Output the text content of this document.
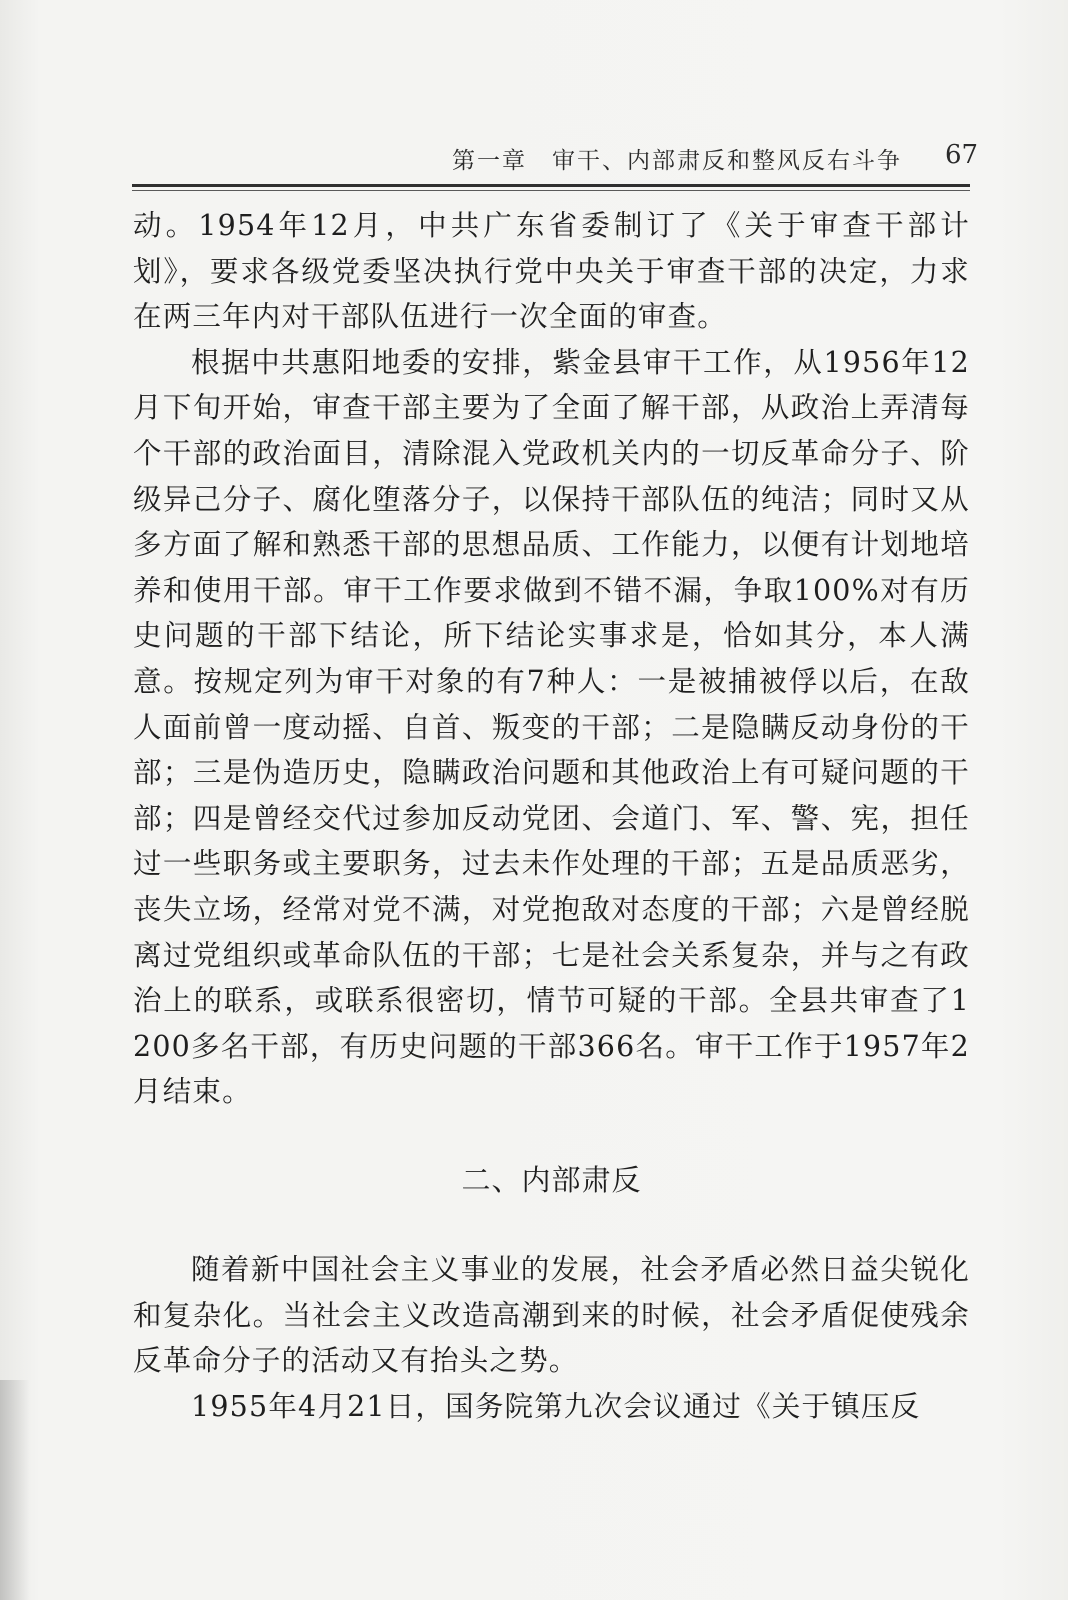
第一章　审干、内部肃反和整风反右斗争 67

动。1954年12月，中共广东省委制订了《关于审查干部计划》，要求各级党委坚决执行党中央关于审查干部的决定，力求在两三年内对干部队伍进行一次全面的审查。

根据中共惠阳地委的安排，紫金县审干工作，从1956年12月下旬开始，审查干部主要为了全面了解干部，从政治上弄清每个干部的政治面目，清除混入党政机关内的一切反革命分子、阶级异己分子、腐化堕落分子，以保持干部队伍的纯洁；同时又从多方面了解和熟悉干部的思想品质、工作能力，以便有计划地培养和使用干部。审干工作要求做到不错不漏，争取100%对有历史问题的干部下结论，所下结论实事求是，恰如其分，本人满意。按规定列为审干对象的有7种人：一是被捕被俘以后，在敌人面前曾一度动摇、自首、叛变的干部；二是隐瞒反动身份的干部；三是伪造历史，隐瞒政治问题和其他政治上有可疑问题的干部；四是曾经交代过参加反动党团、会道门、军、警、宪，担任过一些职务或主要职务，过去未作处理的干部；五是品质恶劣，丧失立场，经常对党不满，对党抱敌对态度的干部；六是曾经脱离过党组织或革命队伍的干部；七是社会关系复杂，并与之有政治上的联系，或联系很密切，情节可疑的干部。全县共审查了1200多名干部，有历史问题的干部366名。审干工作于1957年2月结束。

二、内部肃反

随着新中国社会主义事业的发展，社会矛盾必然日益尖锐化和复杂化。当社会主义改造高潮到来的时候，社会矛盾促使残余反革命分子的活动又有抬头之势。

1955年4月21日，国务院第九次会议通过《关于镇压反
